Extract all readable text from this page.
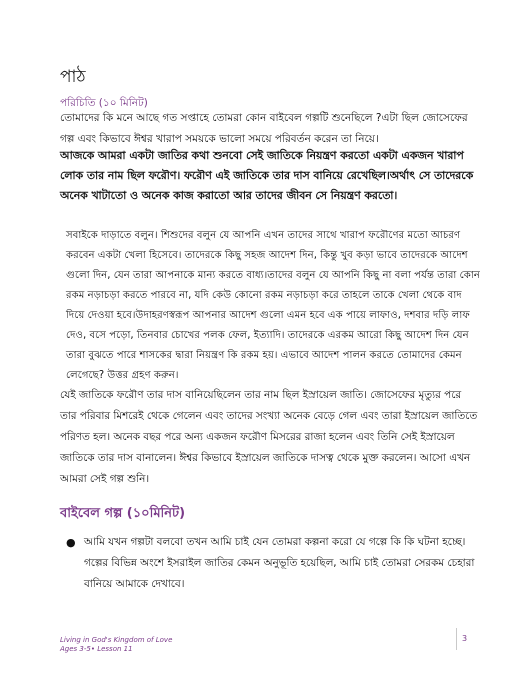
পাঠ
পরিচিতি (১০ মিনিট)

তোমাদের কি মনে আছে গত সপ্তাহে তোমরা কোন বাইবেল গল্পটি শুনেছিলে ?এটা ছিল জোসেফের গল্প এবং কিভাবে ঈশ্বর খারাপ সময়কে ভালো সময়ে পরিবর্তন করেন তা নিয়ে।

আজকে আমরা একটা জাতির কথা শুনবো সেই জাতিকে নিয়ন্ত্রণ করতো একটা একজন খারাপ লোক তার নাম ছিল ফরৌণ। ফরৌণ এই জাতিকে তার দাস বানিয়ে রেখেছিল।অর্থাৎ সে তাদেরকে অনেক খাটাতো ও অনেক কাজ করাতো আর তাদের জীবন সে নিয়ন্ত্রণ করতো।

সবাইকে দাড়াতে বলুন। শিশুদের বলুন যে আপনি এখন তাদের সাথে খারাপ ফরৌণের মতো আচরণ করবেন একটা খেলা হিসেবে। তাদেরকে কিছু সহজ আদেশ দিন, কিন্তু খুব কড়া ভাবে তাদেরকে আদেশ গুলো দিন, যেন তারা আপনাকে মান্য করতে বাধ্য।তাদের বলুন যে আপনি কিছু না বলা পর্যন্ত তারা কোন রকম নড়াচড়া করতে পারবে না, যদি কেউ কোনো রকম নড়াচড়া করে তাহলে তাকে খেলা থেকে বাদ দিয়ে দেওয়া হবে।উদাহরণস্বরূপ আপনার আদেশ গুলো এমন হবে এক পায়ে লাফাও, দশবার দড়ি লাফ দেও, বসে পড়ো, তিনবার চোখের পলক ফেল, ইত্যাদি। তাদেরকে এরকম আরো কিছু আদেশ দিন যেন তারা বুঝতে পারে শাসকের দ্বারা নিয়ন্ত্রণ কি রকম হয়। এভাবে আদেশ পালন করতে তোমাদের কেমন লেগেছে? উত্তর গ্রহণ করুন।

যেই জাতিকে ফরৌণ তার দাস বানিয়েছিলেন তার নাম ছিল ইস্রায়েল জাতি। জোসেফের মৃত্যুর পরে তার পরিবার মিশরেই থেকে গেলেন এবং তাদের সংখ্যা অনেক বেড়ে গেল এবং তারা ইস্রায়েল জাতিতে পরিণত হল। অনেক বছর পরে অন্য একজন ফরৌণ মিসরের রাজা হলেন এবং তিনি সেই ইস্রায়েল জাতিকে তার দাস বানালেন। ঈশ্বর কিভাবে ইস্রায়েল জাতিকে দাসত্ব থেকে মুক্ত করলেন। আসো এখন আমরা সেই গল্প শুনি।

বাইবেল গল্প (১০মিনিট)
● আমি যখন গল্পটা বলবো তখন আমি চাই যেন তোমরা কল্পনা করো যে গল্পে কি কি ঘটনা হচ্ছে। গল্পের বিভিন্ন অংশে ইসরাইল জাতির কেমন অনুভূতি হয়েছিল, আমি চাই তোমরা সেরকম চেহারা বানিয়ে আমাকে দেখাবে।

Living in God's Kingdom of Love
Ages 3-5• Lesson 11
3
